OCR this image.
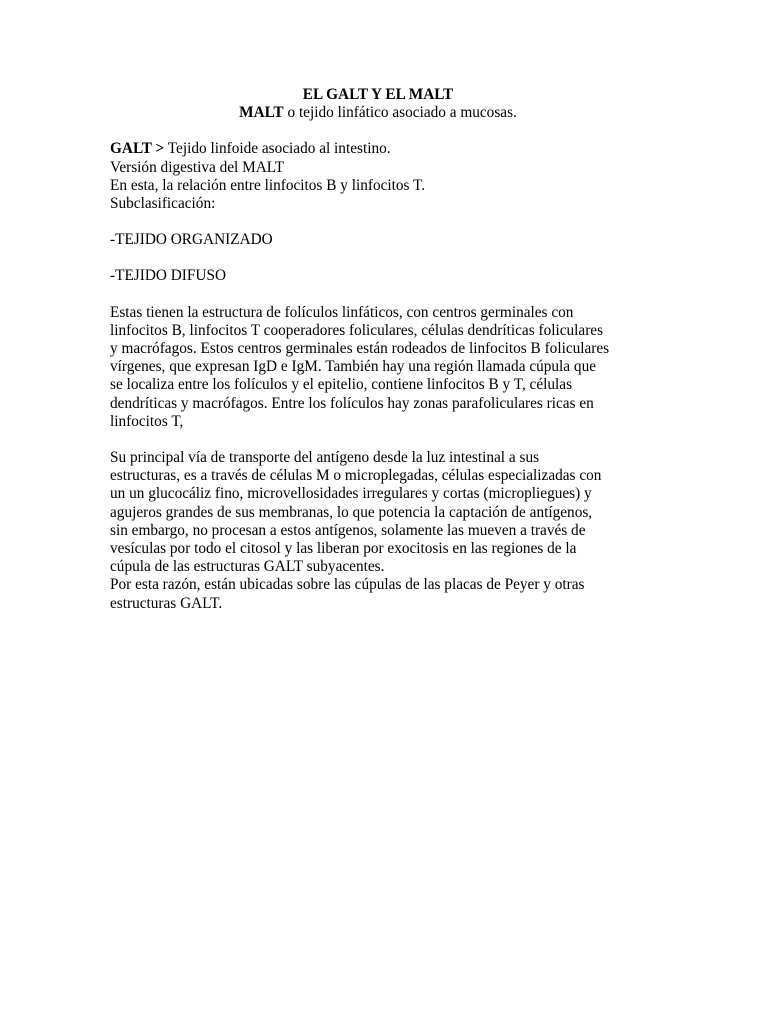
EL GALT Y EL MALT
MALT o tejido linfático asociado a mucosas.
GALT > Tejido linfoide asociado al intestino.
Versión digestiva del MALT
En esta, la relación entre linfocitos B y linfocitos T.
Subclasificación:
-TEJIDO ORGANIZADO
-TEJIDO DIFUSO

Estas tienen la estructura de folículos linfáticos, con centros germinales con
linfocitos B, linfocitos T cooperadores foliculares, células dendríticas foliculares
y macrófagos. Estos centros germinales están rodeados de linfocitos B foliculares
vírgenes, que expresan IgD e IgM. También hay una región llamada cúpula que
se localiza entre los folículos y el epitelio, contiene linfocitos B y T, células
dendríticas y macrófagos. Entre los folículos hay zonas parafoliculares ricas en
linfocitos T,

Su principal vía de transporte del antígeno desde la luz intestinal a sus
estructuras, es a través de células M o microplegadas, células especializadas con
un un glucocáliz fino, microvellosidades irregulares y cortas (micropliegues) y
agujeros grandes de sus membranas, lo que potencia la captación de antígenos,
sin embargo, no procesan a estos antígenos, solamente las mueven a través de
vesículas por todo el citosol y las liberan por exocitosis en las regiones de la
cúpula de las estructuras GALT subyacentes.

Por esta razón, están ubicadas sobre las cúpulas de las placas de Peyer y otras
estructuras GALT.
